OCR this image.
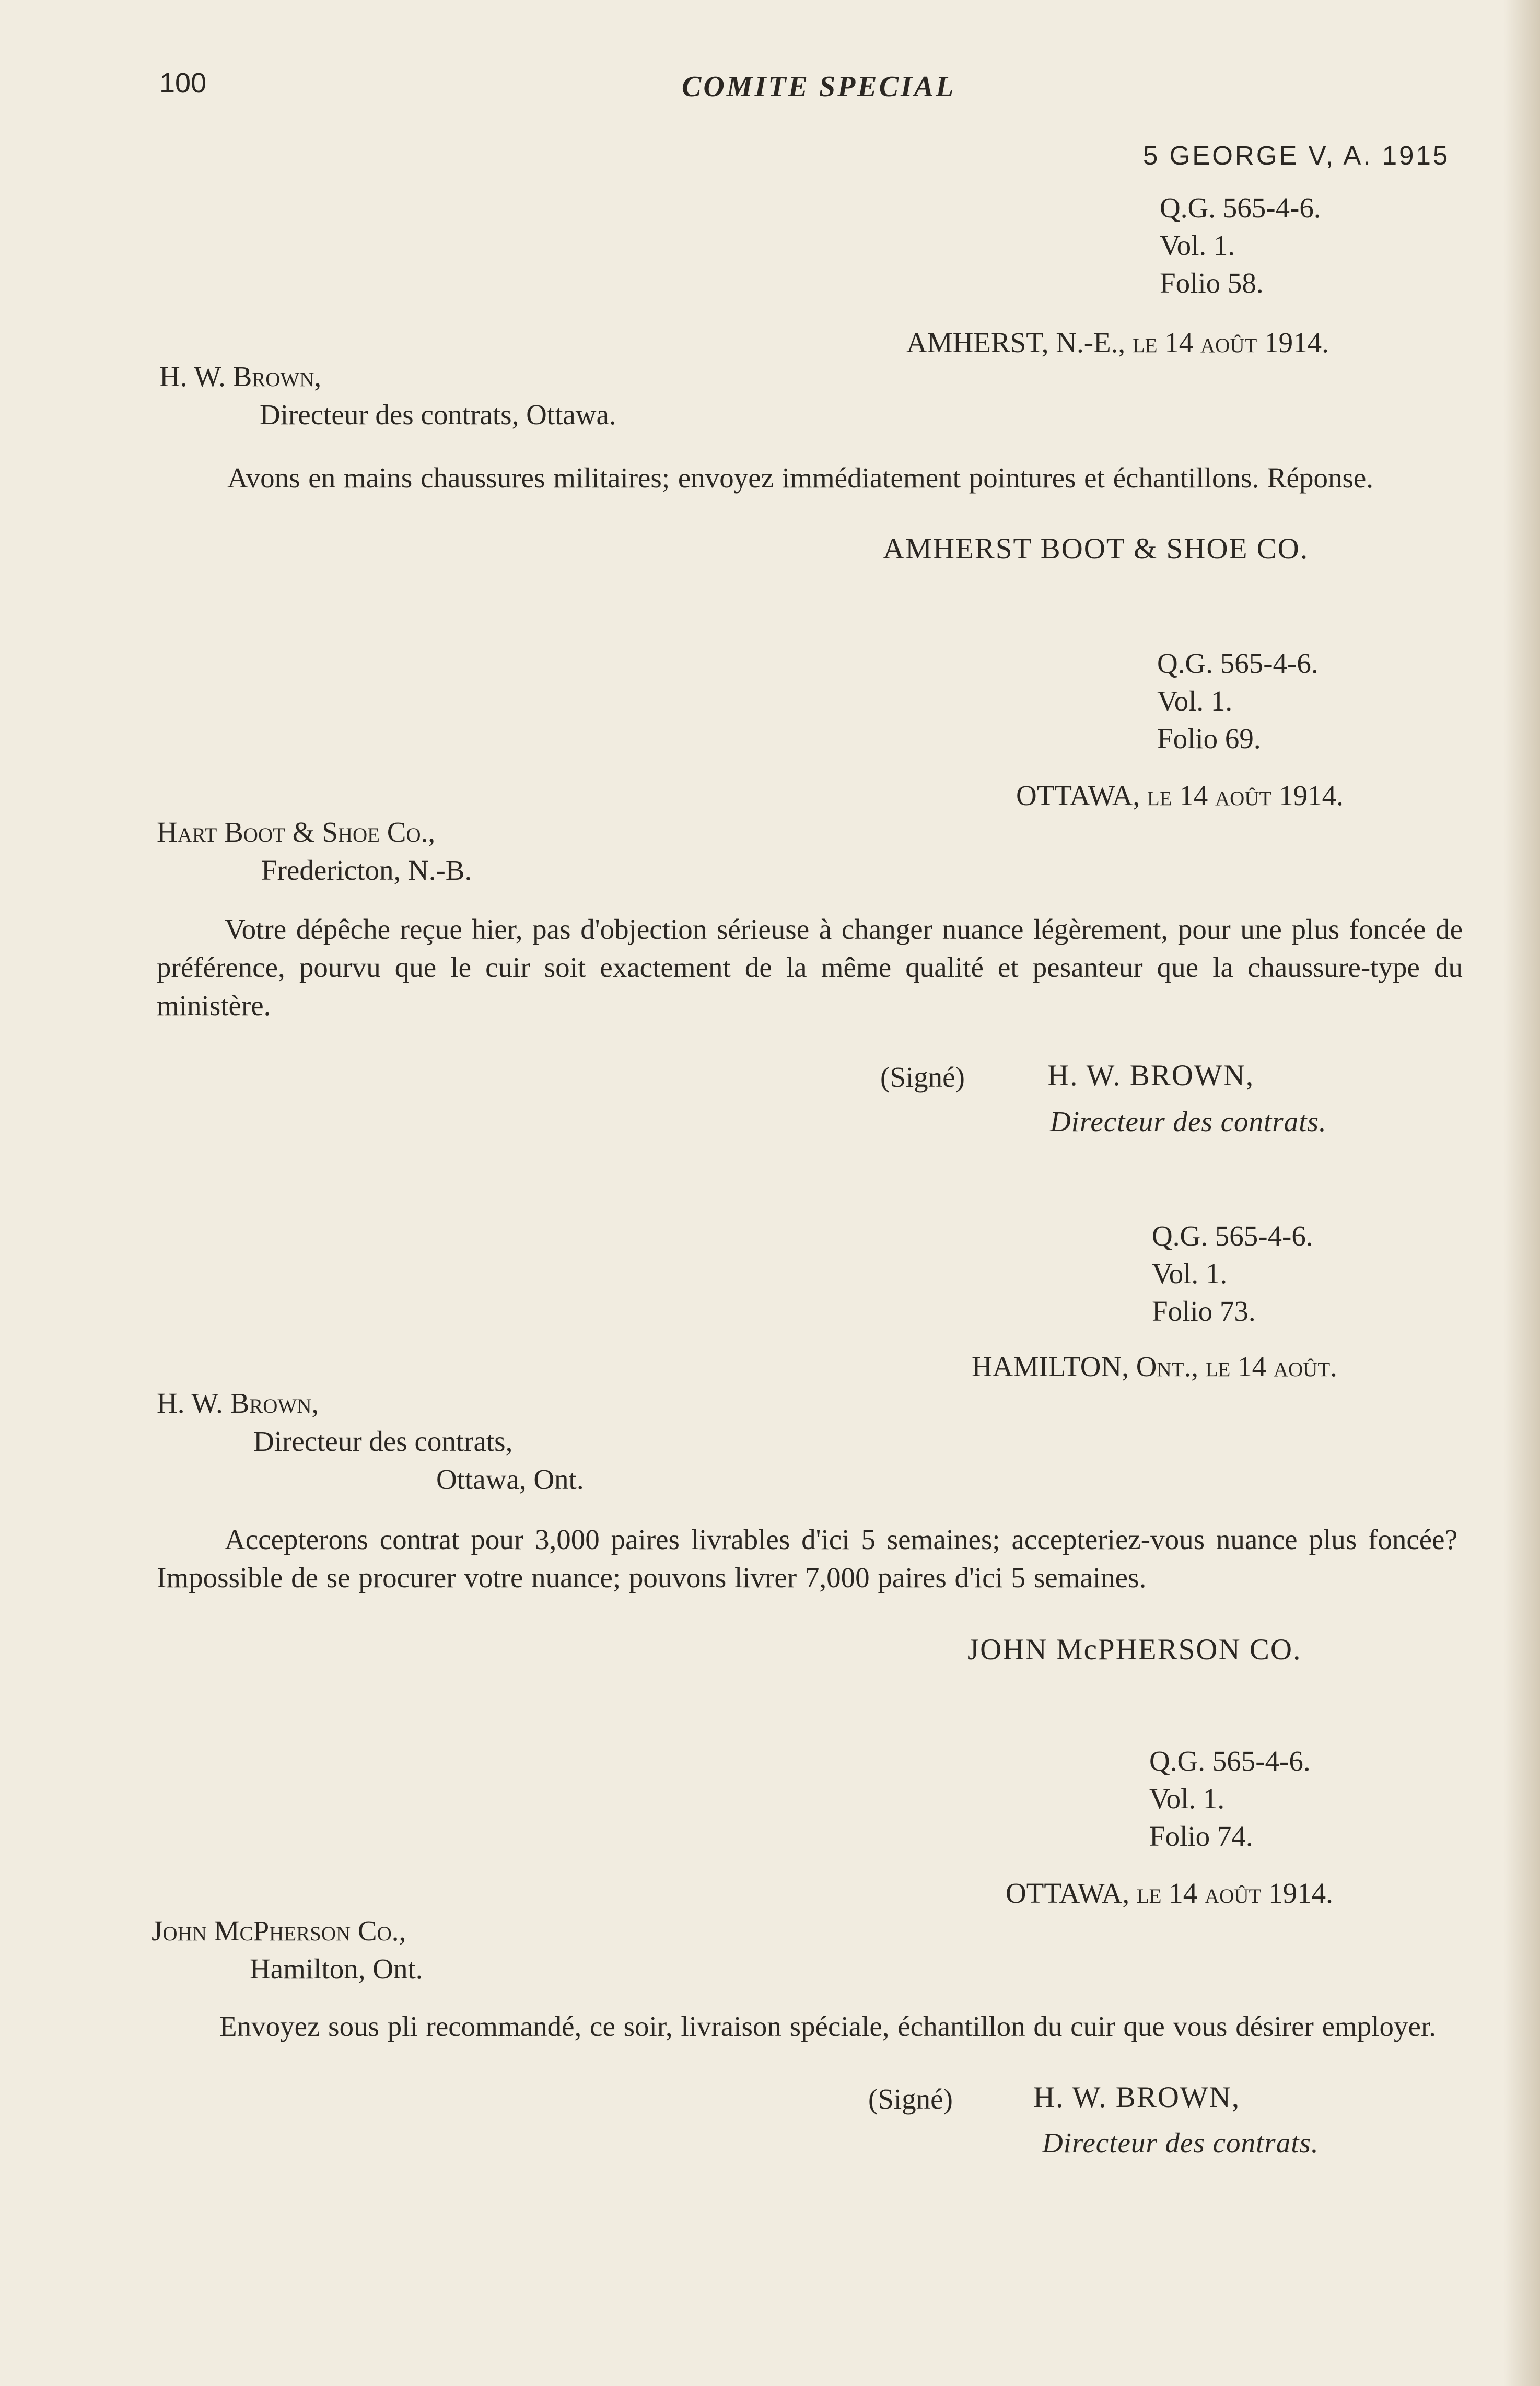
100	COMITE SPECIAL
5 GEORGE V, A. 1915
Q.G. 565-4-6.
Vol. 1.
Folio 58.
AMHERST, N.-E., le 14 août 1914.
H. W. Brown,
Directeur des contrats, Ottawa.
Avons en mains chaussures militaires; envoyez immédiatement pointures et échantillons. Réponse.
AMHERST BOOT & SHOE CO.
Q.G. 565-4-6.
Vol. 1.
Folio 69.
OTTAWA, le 14 août 1914.
Hart Boot & Shoe Co.,
Fredericton, N.-B.
Votre dépêche reçue hier, pas d'objection sérieuse à changer nuance légèrement, pour une plus foncée de préférence, pourvu que le cuir soit exactement de la même qualité et pesanteur que la chaussure-type du ministère.
(Signé)	H. W. BROWN,
Directeur des contrats.
Q.G. 565-4-6.
Vol. 1.
Folio 73.
HAMILTON, Ont., le 14 août.
H. W. Brown,
Directeur des contrats,
Ottawa, Ont.
Accepterons contrat pour 3,000 paires livrables d'ici 5 semaines; accepteriez-vous nuance plus foncée? Impossible de se procurer votre nuance; pouvons livrer 7,000 paires d'ici 5 semaines.
JOHN McPHERSON CO.
Q.G. 565-4-6.
Vol. 1.
Folio 74.
OTTAWA, le 14 août 1914.
John McPherson Co.,
Hamilton, Ont.
Envoyez sous pli recommandé, ce soir, livraison spéciale, échantillon du cuir que vous désirer employer.
(Signé)	H. W. BROWN,
Directeur des contrats.
